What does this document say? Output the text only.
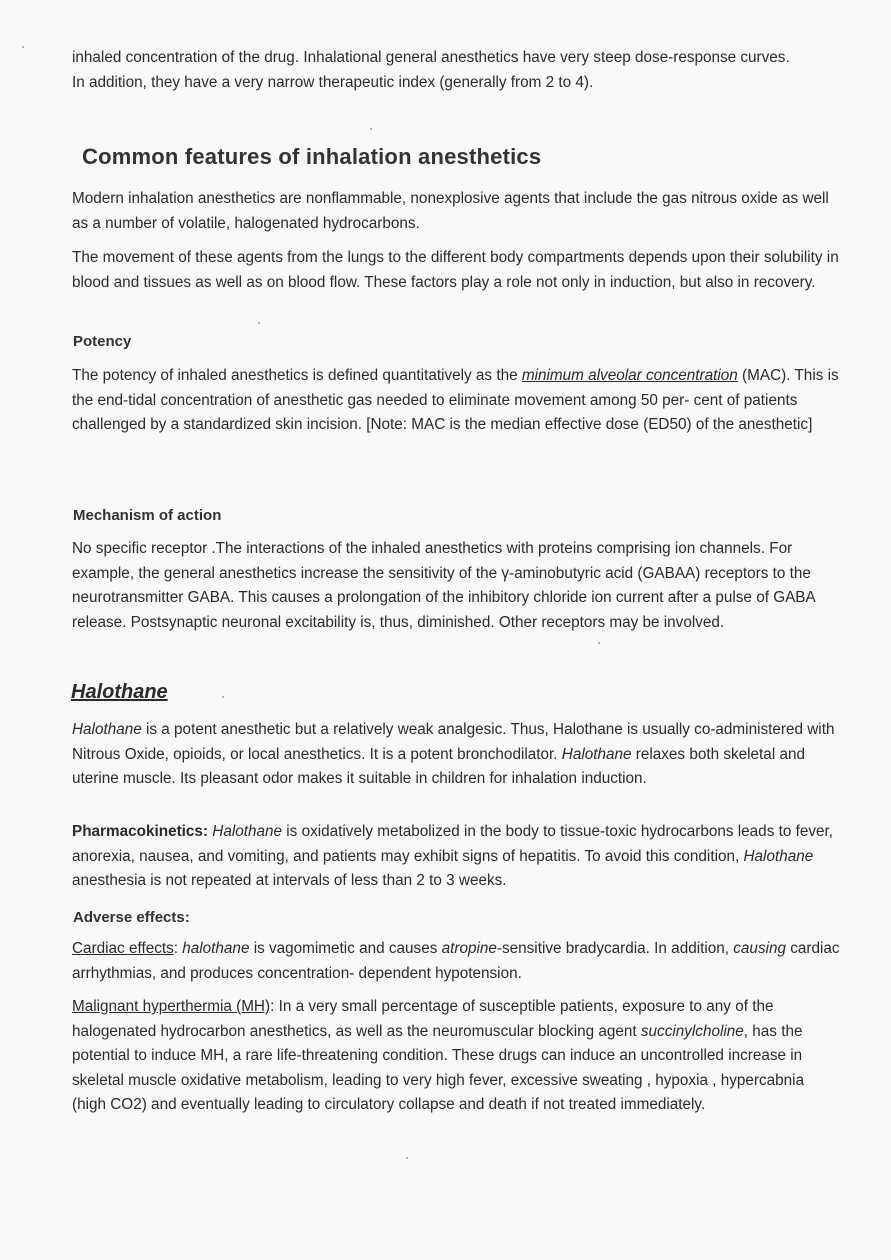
inhaled concentration of the drug. Inhalational general anesthetics have very steep dose-response curves.
In addition, they have a very narrow therapeutic index (generally from 2 to 4).
Common features of inhalation anesthetics
Modern inhalation anesthetics are nonflammable, nonexplosive agents that include the gas nitrous oxide as well as a number of volatile, halogenated hydrocarbons.
The movement of these agents from the lungs to the different body compartments depends upon their solubility in blood and tissues as well as on blood flow. These factors play a role not only in induction, but also in recovery.
Potency
The potency of inhaled anesthetics is defined quantitatively as the minimum alveolar concentration (MAC). This is the end-tidal concentration of anesthetic gas needed to eliminate movement among 50 per- cent of patients challenged by a standardized skin incision. [Note: MAC is the median effective dose (ED50) of the anesthetic]
Mechanism of action
No specific receptor .The interactions of the inhaled anesthetics with proteins comprising ion channels. For example, the general anesthetics increase the sensitivity of the γ-aminobutyric acid (GABAA) receptors to the neurotransmitter GABA. This causes a prolongation of the inhibitory chloride ion current after a pulse of GABA release. Postsynaptic neuronal excitability is, thus, diminished. Other receptors may be involved.
Halothane
Halothane is a potent anesthetic but a relatively weak analgesic. Thus, Halothane is usually co-administered with Nitrous Oxide, opioids, or local anesthetics. It is a potent bronchodilator. Halothane relaxes both skeletal and uterine muscle. Its pleasant odor makes it suitable in children for inhalation induction.
Pharmacokinetics: Halothane is oxidatively metabolized in the body to tissue-toxic hydrocarbons leads to fever, anorexia, nausea, and vomiting, and patients may exhibit signs of hepatitis. To avoid this condition, Halothane anesthesia is not repeated at intervals of less than 2 to 3 weeks.
Adverse effects:
Cardiac effects: halothane is vagomimetic and causes atropine-sensitive bradycardia. In addition, causing cardiac arrhythmias, and produces concentration- dependent hypotension.
Malignant hyperthermia (MH): In a very small percentage of susceptible patients, exposure to any of the halogenated hydrocarbon anesthetics, as well as the neuromuscular blocking agent succinylcholine, has the potential to induce MH, a rare life-threatening condition. These drugs can induce an uncontrolled increase in skeletal muscle oxidative metabolism, leading to very high fever, excessive sweating , hypoxia , hypercabnia (high CO2) and eventually leading to circulatory collapse and death if not treated immediately.
